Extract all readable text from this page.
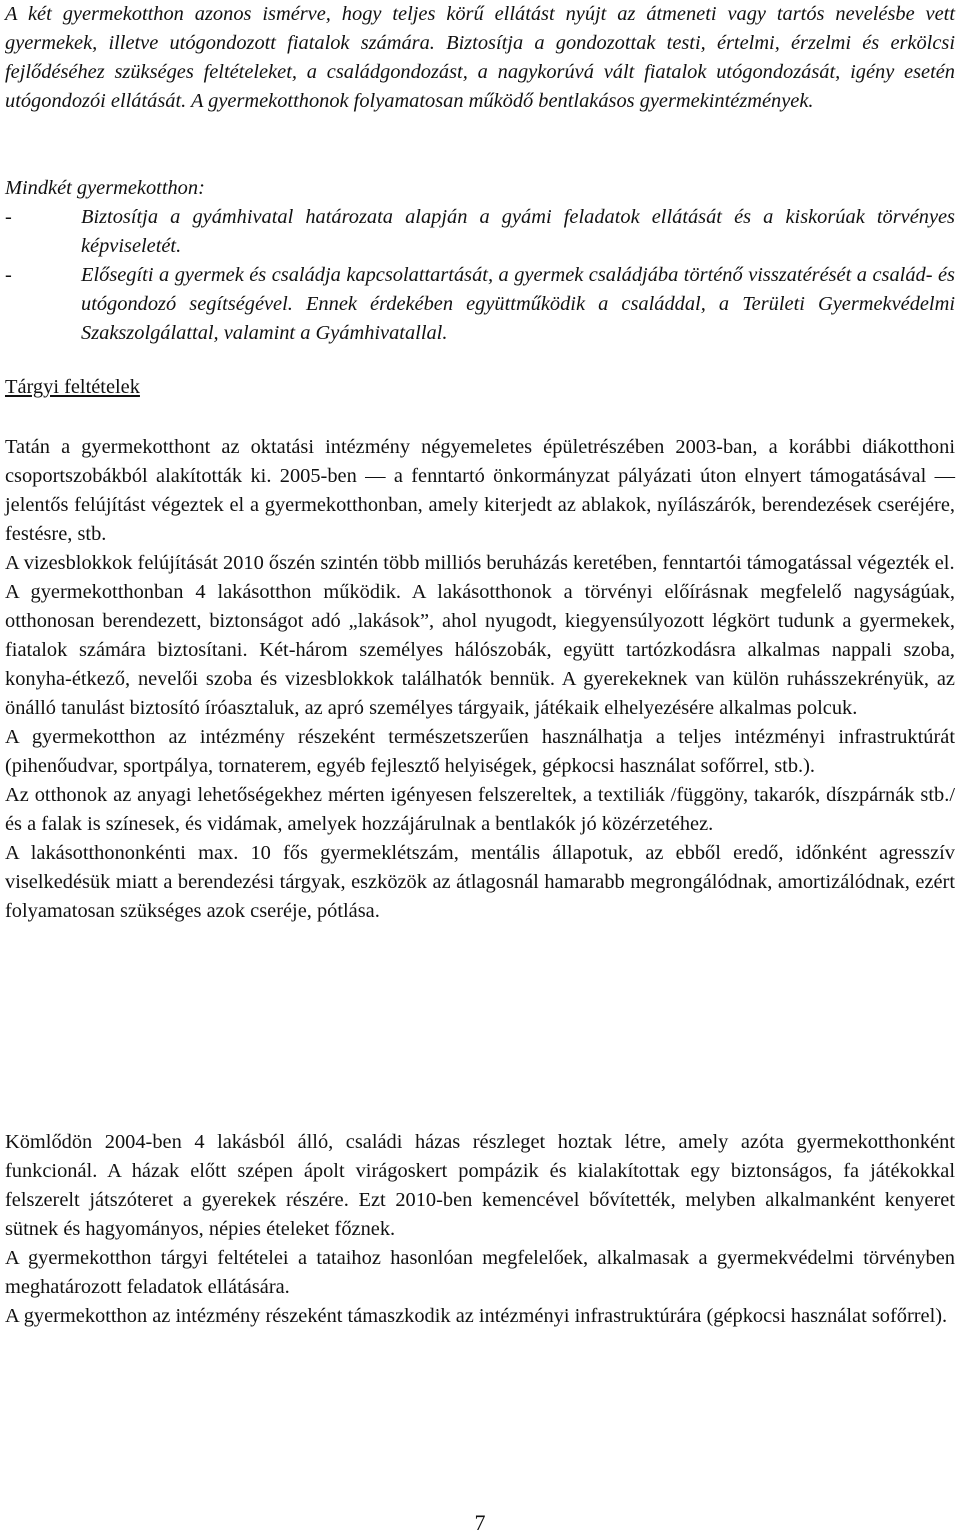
A két gyermekotthon azonos ismérve, hogy teljes körű ellátást nyújt az átmeneti vagy tartós nevelésbe vett gyermekek, illetve utógondozott fiatalok számára. Biztosítja a gondozottak testi, értelmi, érzelmi és erkölcsi fejlődéséhez szükséges feltételeket, a családgondozást, a nagykorúvá vált fiatalok utógondozását, igény esetén utógondozói ellátását. A gyermekotthonok folyamatosan működő bentlakásos gyermekintézmények.

Mindkét gyermekotthon:

-	Biztosítja a gyámhivatal határozata alapján a gyámi feladatok ellátását és a kiskorúak törvényes képviseletét.
-	Elősegíti a gyermek és családja kapcsolattartását, a gyermek családjába történő visszatérését a család- és utógondozó segítségével. Ennek érdekében együttműködik a családdal, a Területi Gyermekvédelmi Szakszolgálattal, valamint a Gyámhivatallal.

Tárgyi feltételek

Tatán a gyermekotthont az oktatási intézmény négyemeletes épületrészében 2003-ban, a korábbi diákotthoni csoportszobákból alakították ki. 2005-ben — a fenntartó önkormányzat pályázati úton elnyert támogatásával — jelentős felújítást végeztek el a gyermekotthonban, amely kiterjedt az ablakok, nyílászárók, berendezések cseréjére, festésre, stb.

A vizesblokkok felújítását 2010 őszén szintén több milliós beruházás keretében, fenntartói támogatással végezték el.

A gyermekotthonban 4 lakásotthon működik. A lakásotthonok a törvényi előírásnak megfelelő nagyságúak, otthonosan berendezett, biztonságot adó „lakások”, ahol nyugodt, kiegyensúlyozott légkört tudunk a gyermekek, fiatalok számára biztosítani. Két-három személyes hálószobák, együtt tartózkodásra alkalmas nappali szoba, konyha-étkező, nevelői szoba és vizesblokkok találhatók bennük. A gyerekeknek van külön ruhásszekrényük, az önálló tanulást biztosító íróasztaluk, az apró személyes tárgyaik, játékaik elhelyezésére alkalmas polcuk.

A gyermekotthon az intézmény részeként természetszerűen használhatja a teljes intézményi infrastruktúrát (pihenőudvar, sportpálya, tornaterem, egyéb fejlesztő helyiségek, gépkocsi használat sofőrrel, stb.).

Az otthonok az anyagi lehetőségekhez mérten igényesen felszereltek, a textiliák /függöny, takarók, díszpárnák stb./ és a falak is színesek, és vidámak, amelyek hozzájárulnak a bentlakók jó közérzetéhez.

A lakásotthononkénti max. 10 fős gyermeklétszám, mentális állapotuk, az ebből eredő, időnként agresszív viselkedésük miatt a berendezési tárgyak, eszközök az átlagosnál hamarabb megrongálódnak, amortizálódnak, ezért folyamatosan szükséges azok cseréje, pótlása.

Kömlődön 2004-ben 4 lakásból álló, családi házas részleget hoztak létre, amely azóta gyermekotthonként funkcionál. A házak előtt szépen ápolt virágoskert pompázik és kialakítottak egy biztonságos, fa játékokkal felszerelt játszóteret a gyerekek részére. Ezt 2010-ben kemencével bővítették, melyben alkalmanként kenyeret sütnek és hagyományos, népies ételeket főznek.

A gyermekotthon tárgyi feltételei a tataihoz hasonlóan megfelelőek, alkalmasak a gyermekvédelmi törvényben meghatározott feladatok ellátására.

A gyermekotthon az intézmény részeként támaszkodik az intézményi infrastruktúrára (gépkocsi használat sofőrrel).

7
